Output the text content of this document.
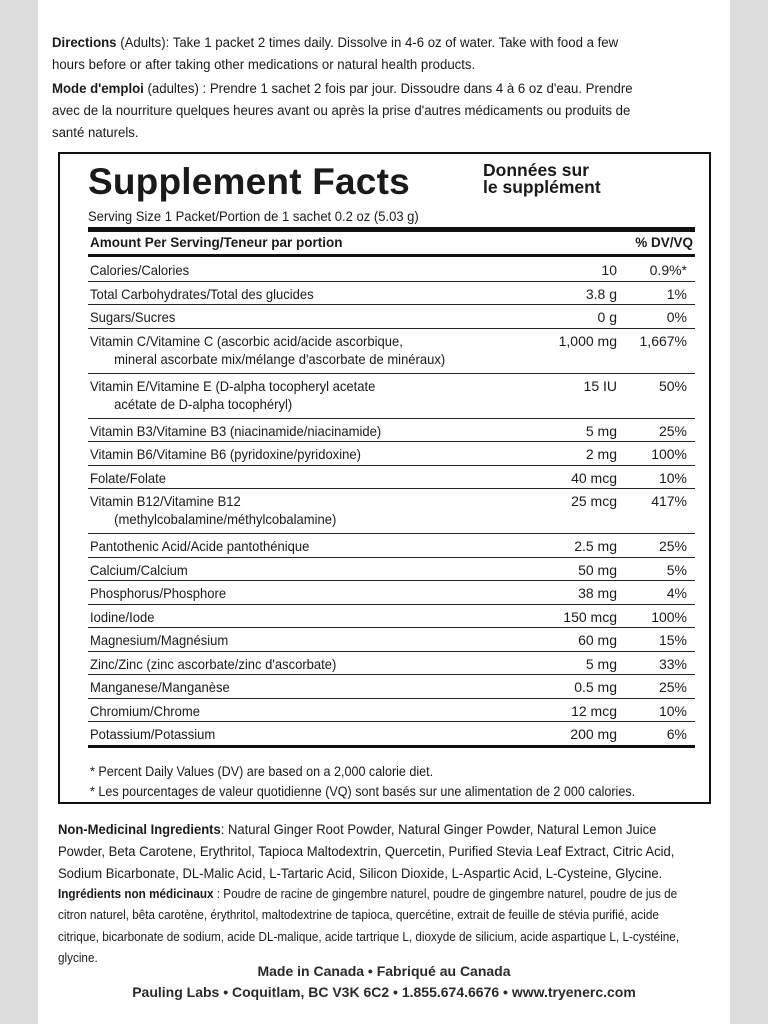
Directions (Adults): Take 1 packet 2 times daily. Dissolve in 4-6 oz of water. Take with food a few hours before or after taking other medications or natural health products.

Mode d'emploi (adultes) : Prendre 1 sachet 2 fois par jour. Dissoudre dans 4 à 6 oz d'eau. Prendre avec de la nourriture quelques heures avant ou après la prise d'autres médicaments ou produits de santé naturels.

Supplement Facts	Données sur
le supplément
Serving Size 1 Packet/Portion de 1 sachet 0.2 oz (5.03 g)
Amount Per Serving/Teneur par portion	% DV/VQ
Calories/Calories	10 0.9%*
Total Carbohydrates/Total des glucides	3.8 g	1%
Sugars/Sucres	0 g	0%
Vitamin C/Vitamine C (ascorbic acid/acide ascorbique,
mineral ascorbate mix/mélange d'ascorbate de minéraux)
1,000 mg 1,667%
Vitamin E/Vitamine E (D-alpha tocopheryl acetate
acétate de D-alpha tocophéryl)
15 IU	50%
Vitamin B3/Vitamine B3 (niacinamide/niacinamide)	5 mg	25%
Vitamin B6/Vitamine B6 (pyridoxine/pyridoxine)	2 mg 100%
Folate/Folate	40 mcg	10%
Vitamin B12/Vitamine B12
(methylcobalamine/méthylcobalamine)
25 mcg 417%
Pantothenic Acid/Acide pantothénique	2.5 mg	25%
Calcium/Calcium	50 mg	5%
Phosphorus/Phosphore	38 mg	4%
Iodine/Iode	150 mcg 100%
Magnesium/Magnésium	60 mg	15%
Zinc/Zinc (zinc ascorbate/zinc d'ascorbate)	5 mg	33%
Manganese/Manganèse	0.5 mg	25%
Chromium/Chrome	12 mcg	10%
Potassium/Potassium	200 mg	6%

* Percent Daily Values (DV) are based on a 2,000 calorie diet.

* Les pourcentages de valeur quotidienne (VQ) sont basés sur une alimentation de 2 000 calories.

Non-Medicinal Ingredients: Natural Ginger Root Powder, Natural Ginger Powder, Natural Lemon Juice Powder, Beta Carotene, Erythritol, Tapioca Maltodextrin, Quercetin, Purified Stevia Leaf Extract, Citric Acid, Sodium Bicarbonate, DL-Malic Acid, L-Tartaric Acid, Silicon Dioxide, L-Aspartic Acid, L-Cysteine, Glycine.

Ingrédients non médicinaux : Poudre de racine de gingembre naturel, poudre de gingembre naturel, poudre de jus de citron naturel, bêta carotène, érythritol, maltodextrine de tapioca, quercétine, extrait de feuille de stévia purifié, acide citrique, bicarbonate de sodium, acide DL-malique, acide tartrique L, dioxyde de silicium, acide aspartique L, L-cystéine, glycine.

Made in Canada • Fabriqué au Canada
Pauling Labs • Coquitlam, BC V3K 6C2 • 1.855.674.6676 • www.tryenerc.com
